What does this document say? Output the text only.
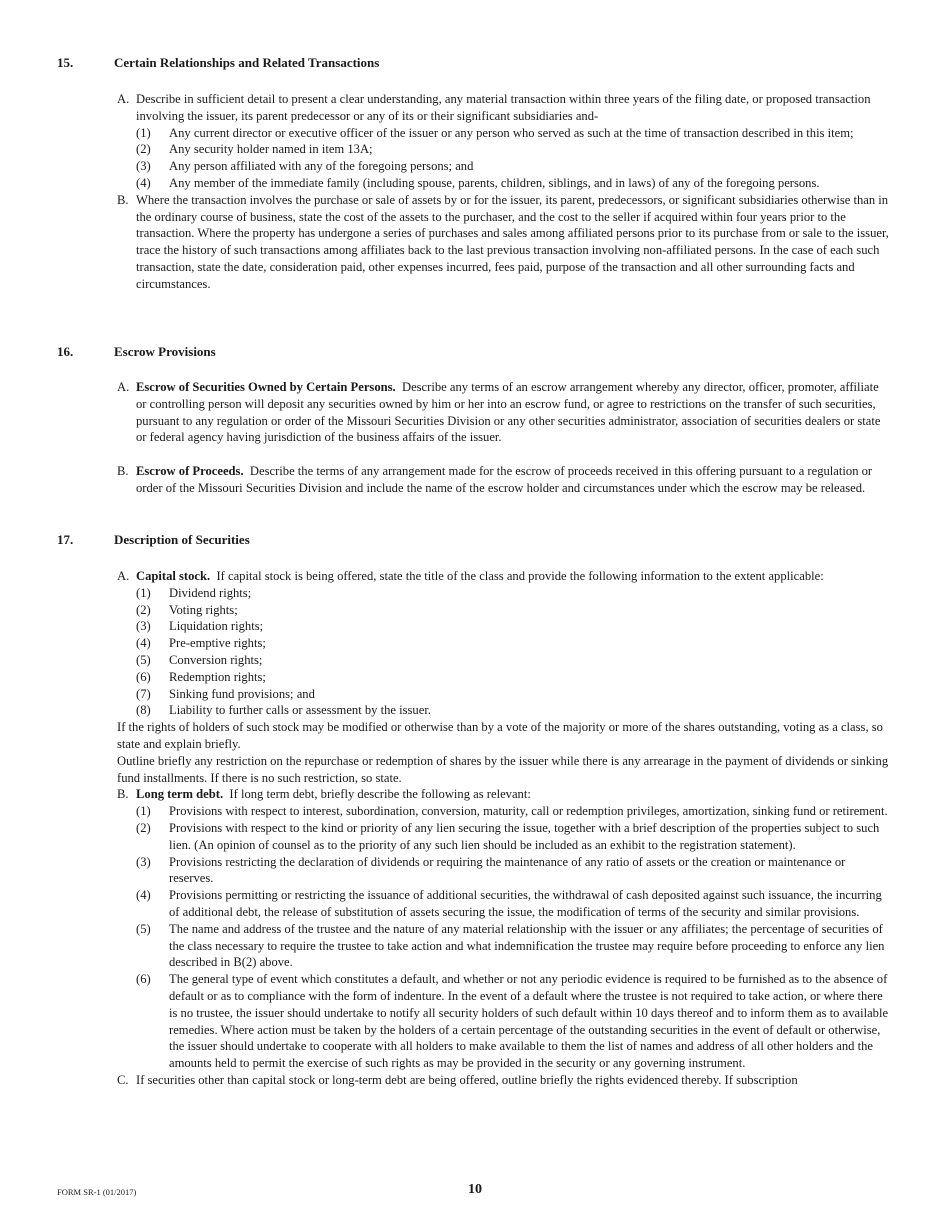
15.	Certain Relationships and Related Transactions
A. Describe in sufficient detail to present a clear understanding, any material transaction within three years of the filing date, or proposed transaction involving the issuer, its parent predecessor or any of its or their significant subsidiaries and-
(1) Any current director or executive officer of the issuer or any person who served as such at the time of transaction described in this item;
(2) Any security holder named in item 13A;
(3) Any person affiliated with any of the foregoing persons; and
(4) Any member of the immediate family (including spouse, parents, children, siblings, and in laws) of any of the foregoing persons.
B. Where the transaction involves the purchase or sale of assets by or for the issuer, its parent, predecessors, or significant subsidiaries otherwise than in the ordinary course of business, state the cost of the assets to the purchaser, and the cost to the seller if acquired within four years prior to the transaction. Where the property has undergone a series of purchases and sales among affiliated persons prior to its purchase from or sale to the issuer, trace the history of such transactions among affiliates back to the last previous transaction involving non-affiliated persons. In the case of each such transaction, state the date, consideration paid, other expenses incurred, fees paid, purpose of the transaction and all other surrounding facts and circumstances.
16.	Escrow Provisions
A. Escrow of Securities Owned by Certain Persons. Describe any terms of an escrow arrangement whereby any director, officer, promoter, affiliate or controlling person will deposit any securities owned by him or her into an escrow fund, or agree to restrictions on the transfer of such securities, pursuant to any regulation or order of the Missouri Securities Division or any other securities administrator, association of securities dealers or state or federal agency having jurisdiction of the business affairs of the issuer.
B. Escrow of Proceeds. Describe the terms of any arrangement made for the escrow of proceeds received in this offering pursuant to a regulation or order of the Missouri Securities Division and include the name of the escrow holder and circumstances under which the escrow may be released.
17.	Description of Securities
A. Capital stock. If capital stock is being offered, state the title of the class and provide the following information to the extent applicable:
(1) Dividend rights;
(2) Voting rights;
(3) Liquidation rights;
(4) Pre-emptive rights;
(5) Conversion rights;
(6) Redemption rights;
(7) Sinking fund provisions; and
(8) Liability to further calls or assessment by the issuer.
If the rights of holders of such stock may be modified or otherwise than by a vote of the majority or more of the shares outstanding, voting as a class, so state and explain briefly.
Outline briefly any restriction on the repurchase or redemption of shares by the issuer while there is any arrearage in the payment of dividends or sinking fund installments. If there is no such restriction, so state.
B. Long term debt. If long term debt, briefly describe the following as relevant:
(1) Provisions with respect to interest, subordination, conversion, maturity, call or redemption privileges, amortization, sinking fund or retirement.
(2) Provisions with respect to the kind or priority of any lien securing the issue, together with a brief description of the properties subject to such lien. (An opinion of counsel as to the priority of any such lien should be included as an exhibit to the registration statement).
(3) Provisions restricting the declaration of dividends or requiring the maintenance of any ratio of assets or the creation or maintenance or reserves.
(4) Provisions permitting or restricting the issuance of additional securities, the withdrawal of cash deposited against such issuance, the incurring of additional debt, the release of substitution of assets securing the issue, the modification of terms of the security and similar provisions.
(5) The name and address of the trustee and the nature of any material relationship with the issuer or any affiliates; the percentage of securities of the class necessary to require the trustee to take action and what indemnification the trustee may require before proceeding to enforce any lien described in B(2) above.
(6) The general type of event which constitutes a default, and whether or not any periodic evidence is required to be furnished as to the absence of default or as to compliance with the form of indenture. In the event of a default where the trustee is not required to take action, or where there is no trustee, the issuer should undertake to notify all security holders of such default within 10 days thereof and to inform them as to available remedies. Where action must be taken by the holders of a certain percentage of the outstanding securities in the event of default or otherwise, the issuer should undertake to cooperate with all holders to make available to them the list of names and address of all other holders and the amounts held to permit the exercise of such rights as may be provided in the security or any governing instrument.
C. If securities other than capital stock or long-term debt are being offered, outline briefly the rights evidenced thereby. If subscription
FORM SR-1 (01/2017)	10
